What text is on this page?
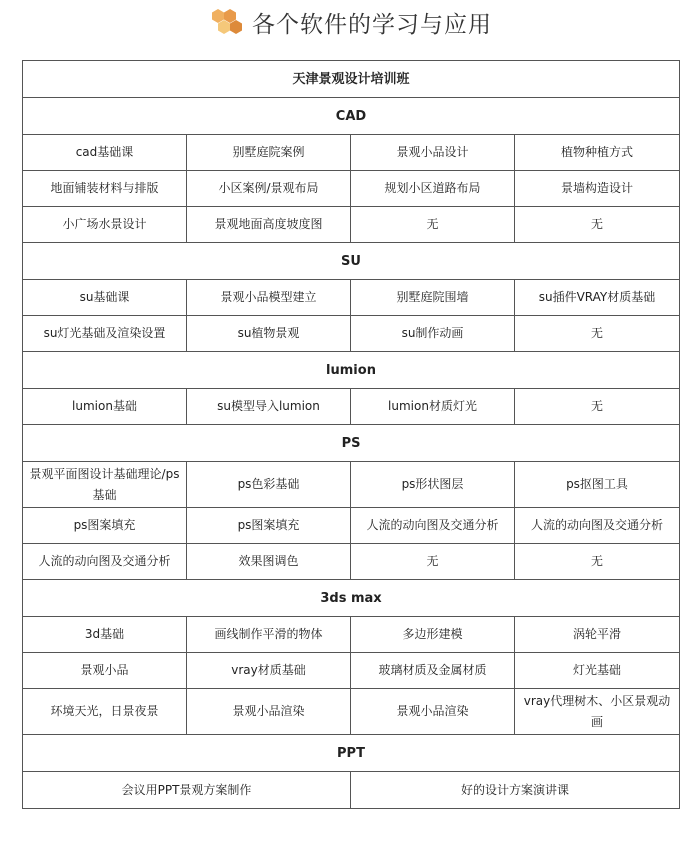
各个软件的学习与应用
天津景观设计培训班			
CAD			
cad基础课	别墅庭院案例	景观小品设计	植物种植方式
地面铺装材料与排版	小区案例/景观布局	规划小区道路布局	景墙构造设计
小广场水景设计	景观地面高度坡度图	无	无
SU			
su基础课	景观小品模型建立	别墅庭院围墙	su插件VRAY材质基础
su灯光基础及渲染设置	su植物景观	su制作动画	无
lumion			
lumion基础	su模型导入lumion	lumion材质灯光	无
PS			
景观平面图设计基础理论/ps基础	ps色彩基础	ps形状图层	ps抠图工具
ps图案填充	ps图案填充	人流的动向图及交通分析	人流的动向图及交通分析
人流的动向图及交通分析	效果图调色	无	无
3ds max			
3d基础	画线制作平滑的物体	多边形建模	涡轮平滑
景观小品	vray材质基础	玻璃材质及金属材质	灯光基础
环境天光，日景夜景	景观小品渲染	景观小品渲染	vray代理树木、小区景观动画
PPT			
会议用PPT景观方案制作		好的设计方案演讲课	
